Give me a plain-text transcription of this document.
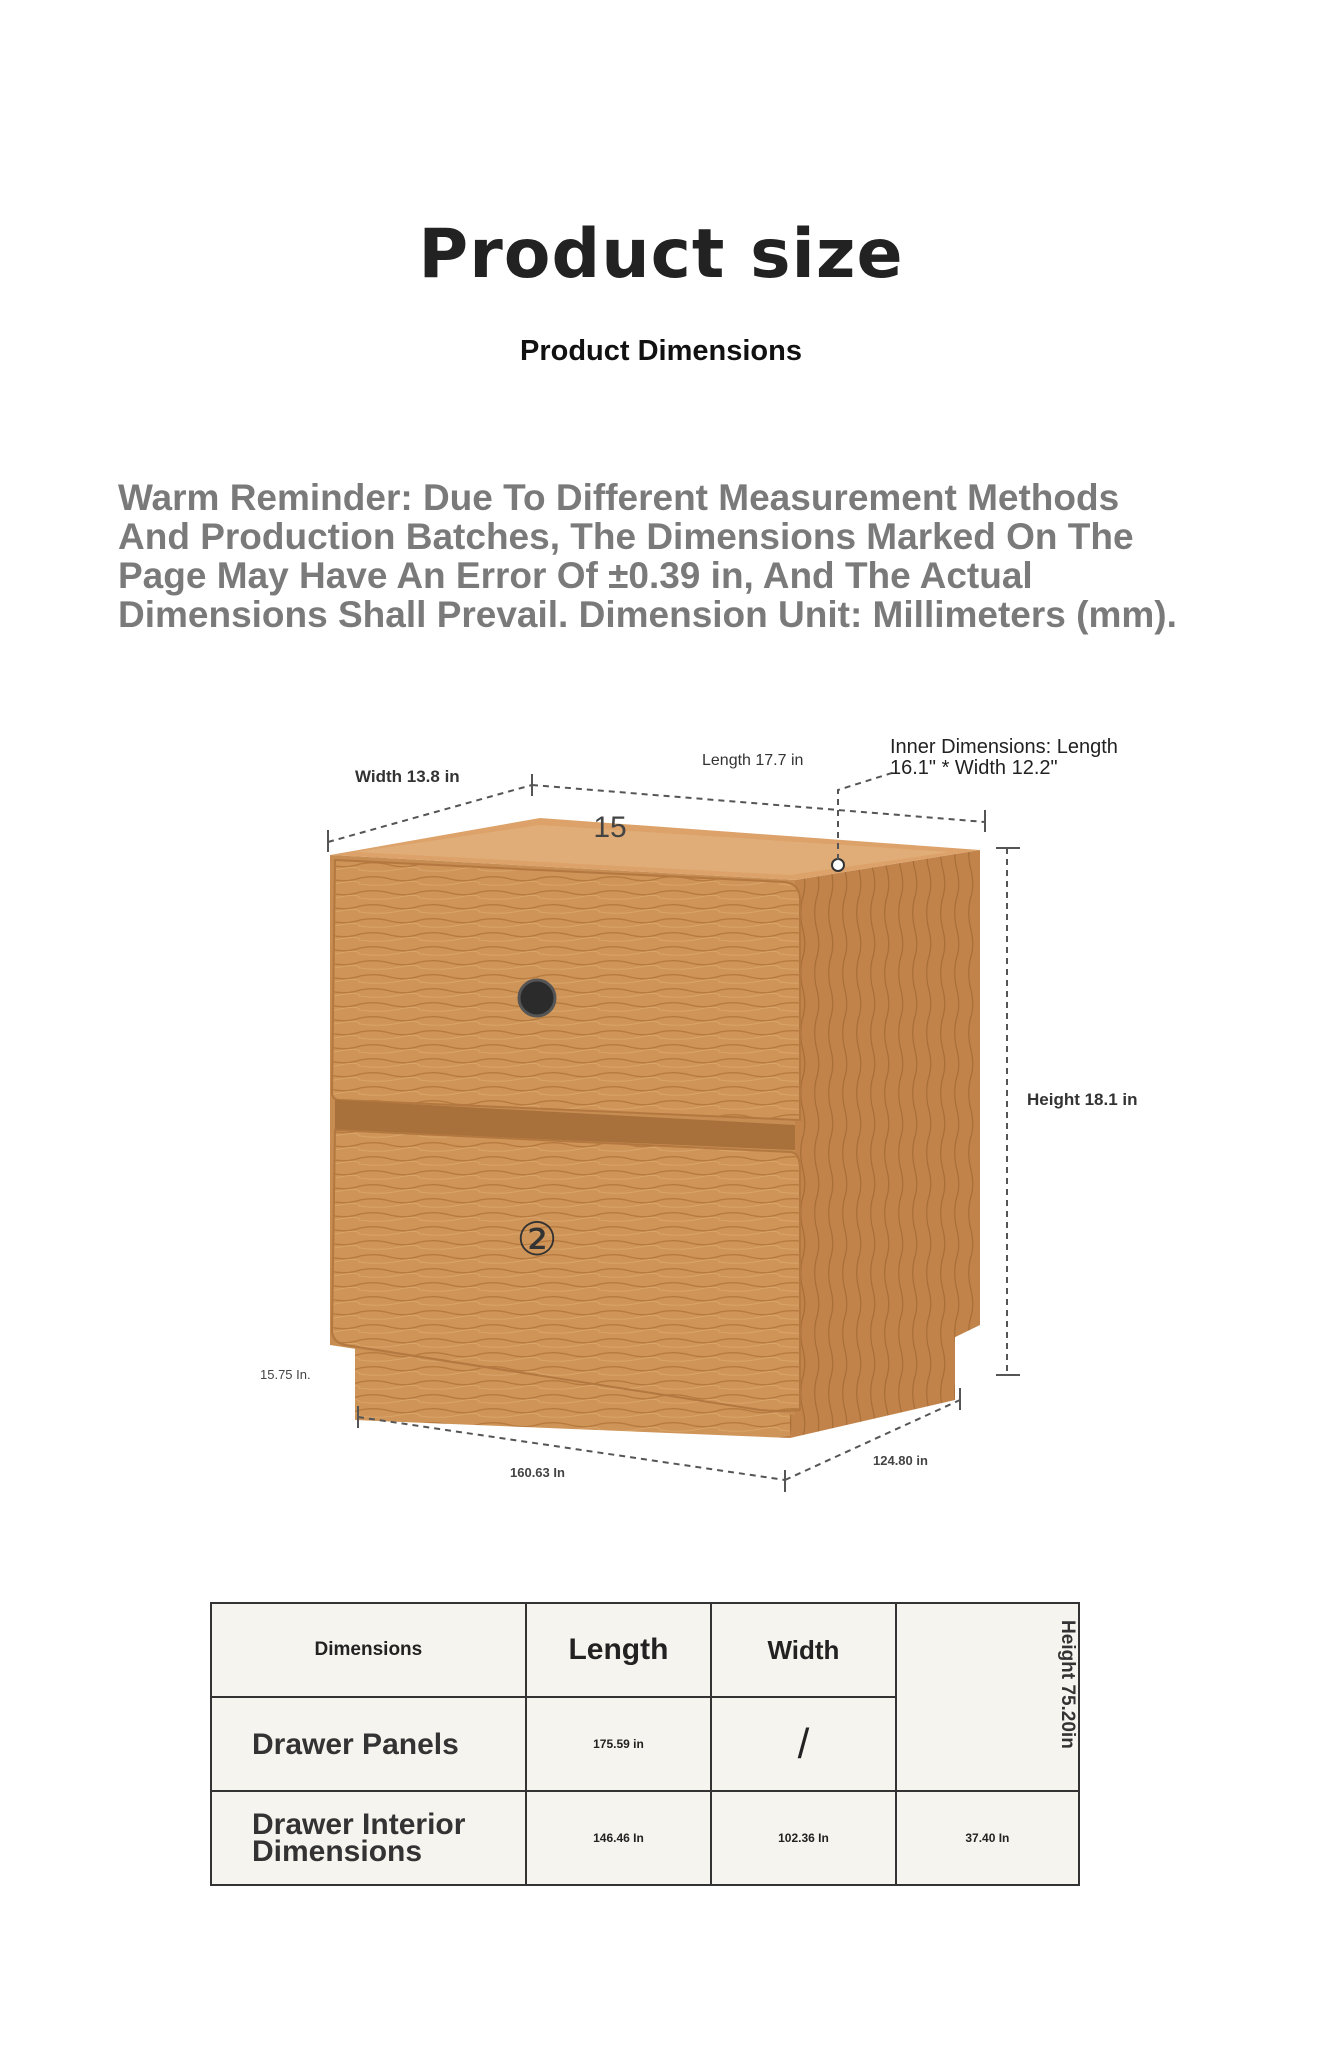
Product size
Product Dimensions
Warm Reminder: Due To Different Measurement Methods And Production Batches, The Dimensions Marked On The Page May Have An Error Of ±0.39 in, And The Actual Dimensions Shall Prevail. Dimension Unit: Millimeters (mm).
②
15
Width 13.8 in
Length 17.7 in
Inner Dimensions: Length
16.1" * Width 12.2"
Height 18.1 in
15.75 In.
160.63 In
124.80 in
Dimensions	Length	Width	Height 75.20in

Drawer Panels	175.59 in	/	
Drawer Interior Dimensions	146.46 In	102.36 In	37.40 In
